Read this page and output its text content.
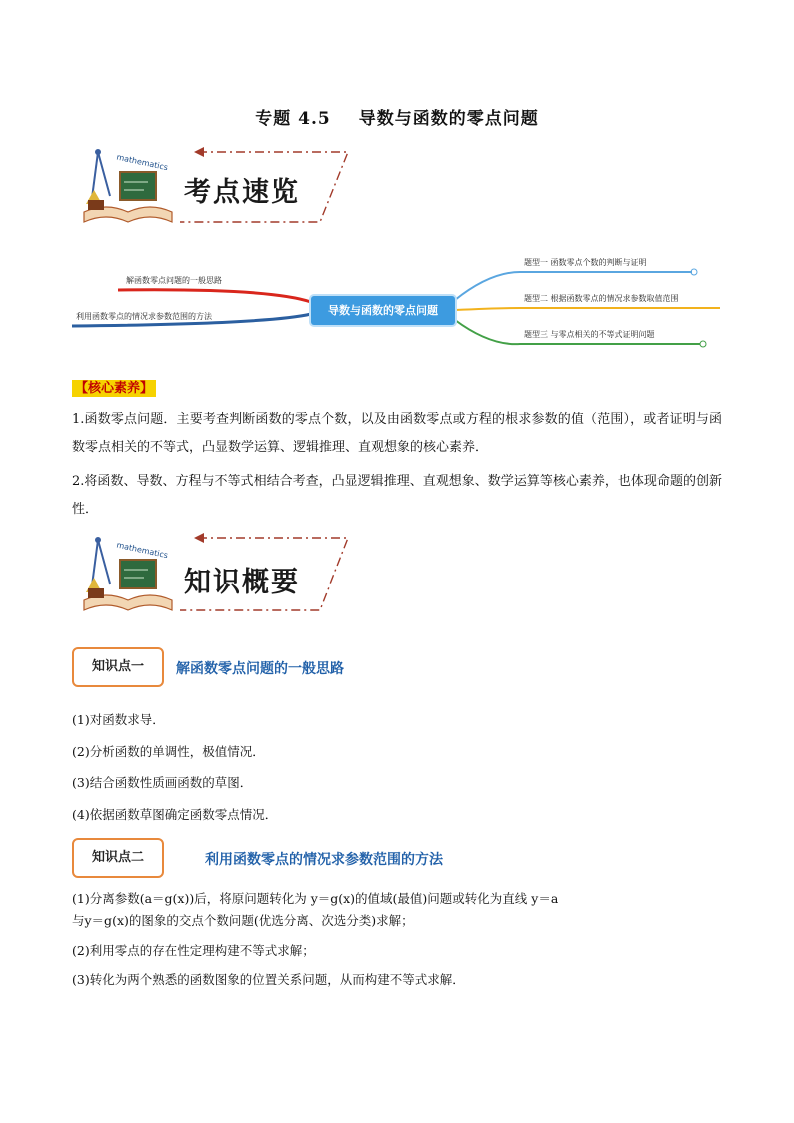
专题 4.5 导数与函数的零点问题
mathematics
考点速览
解函数零点问题的一般思路
利用函数零点的情况求参数范围的方法
题型一 函数零点个数的判断与证明
题型二 根据函数零点的情况求参数取值范围
题型三 与零点相关的不等式证明问题
导数与函数的零点问题
【核心素养】
1.函数零点问题．主要考查判断函数的零点个数，以及由函数零点或方程的根求参数的值（范围），或者证明与函数零点相关的不等式，凸显数学运算、逻辑推理、直观想象的核心素养．
2.将函数、导数、方程与不等式相结合考查，凸显逻辑推理、直观想象、数学运算等核心素养，也体现命题的创新性．
mathematics
知识概要
知识点一	解函数零点问题的一般思路
(1)对函数求导．
(2)分析函数的单调性，极值情况．
(3)结合函数性质画函数的草图．
(4)依据函数草图确定函数零点情况．
知识点二	利用函数零点的情况求参数范围的方法
(1)分离参数(a＝g(x))后，将原问题转化为 y＝g(x)的值域(最值)问题或转化为直线 y＝a
与y＝g(x)的图象的交点个数问题(优选分离、次选分类)求解；
(2)利用零点的存在性定理构建不等式求解；
(3)转化为两个熟悉的函数图象的位置关系问题，从而构建不等式求解．
